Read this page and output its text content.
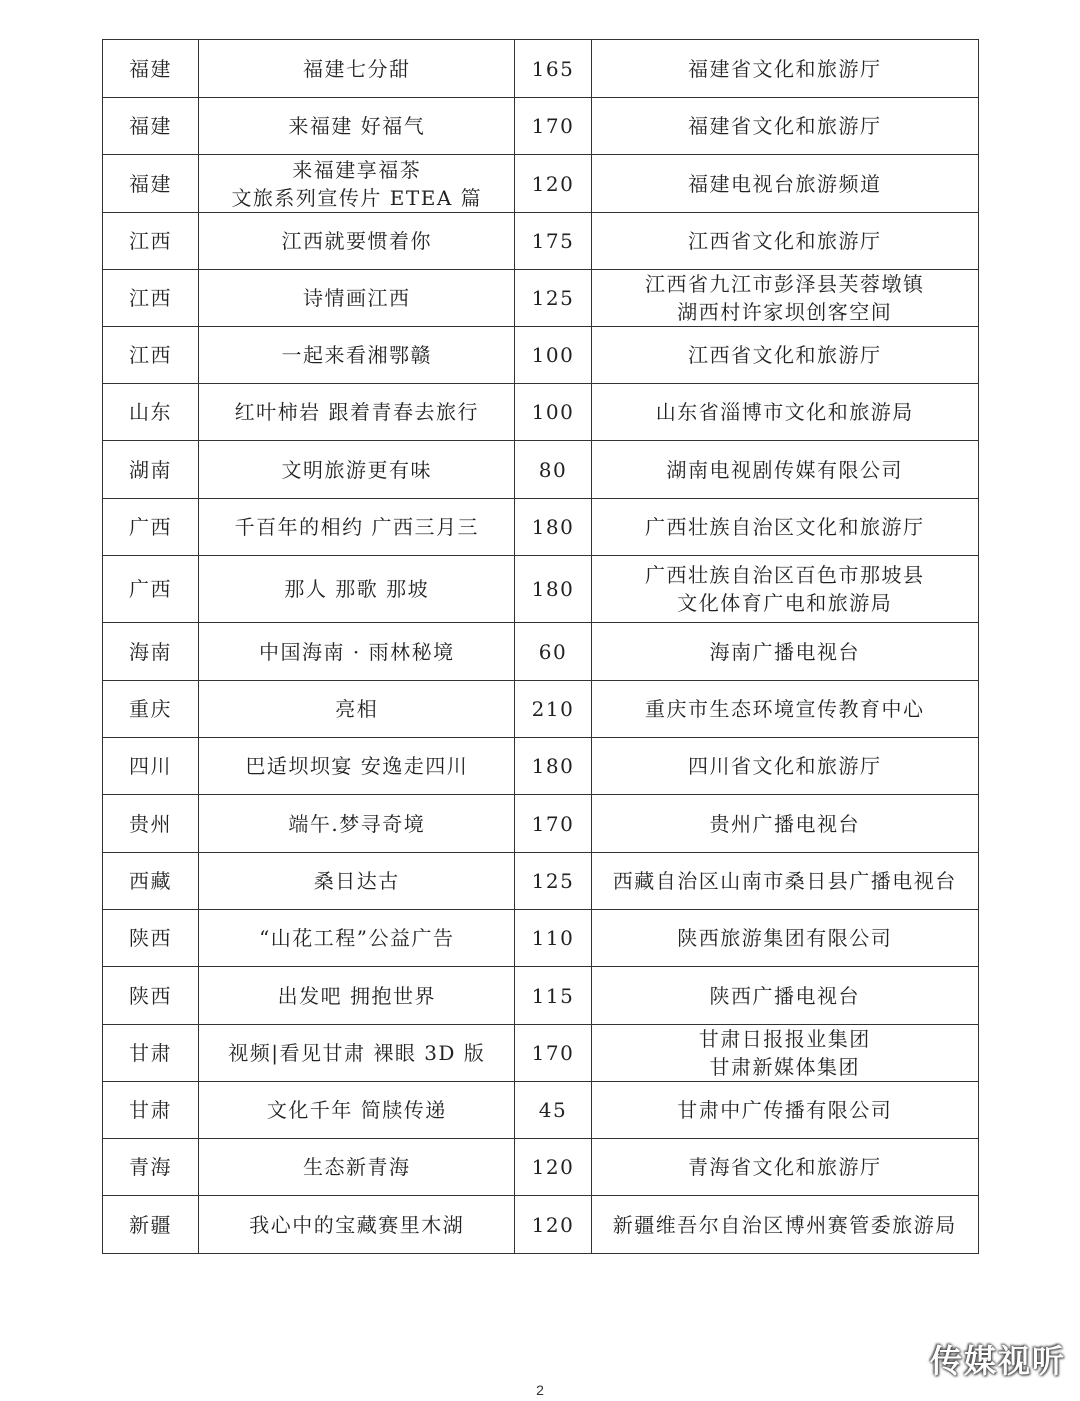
福建	福建七分甜	165	福建省文化和旅游厅

福建	来福建 好福气	170	福建省文化和旅游厅

福建	来福建享福茶
文旅系列宣传片 ETEA 篇	120	福建电视台旅游频道

江西	江西就要惯着你	175	江西省文化和旅游厅

江西	诗情画江西	125	江西省九江市彭泽县芙蓉墩镇
湖西村许家坝创客空间

江西	一起来看湘鄂赣	100	江西省文化和旅游厅

山东	红叶柿岩 跟着青春去旅行	100	山东省淄博市文化和旅游局

湖南	文明旅游更有味	80	湖南电视剧传媒有限公司

广西	千百年的相约 广西三月三	180	广西壮族自治区文化和旅游厅

广西	那人 那歌 那坡	180	广西壮族自治区百色市那坡县
文化体育广电和旅游局

海南	中国海南 · 雨林秘境	60	海南广播电视台

重庆	亮相	210	重庆市生态环境宣传教育中心

四川	巴适坝坝宴 安逸走四川	180	四川省文化和旅游厅

贵州	端午.梦寻奇境	170	贵州广播电视台

西藏	桑日达古	125	西藏自治区山南市桑日县广播电视台

陕西	“山花工程”公益广告	110	陕西旅游集团有限公司

陕西	出发吧 拥抱世界	115	陕西广播电视台

甘肃	视频|看见甘肃 裸眼 3D 版	170	甘肃日报报业集团
甘肃新媒体集团

甘肃	文化千年 简牍传递	45	甘肃中广传播有限公司

青海	生态新青海	120	青海省文化和旅游厅

新疆	我心中的宝藏赛里木湖	120	新疆维吾尔自治区博州赛管委旅游局
2
传媒视听
